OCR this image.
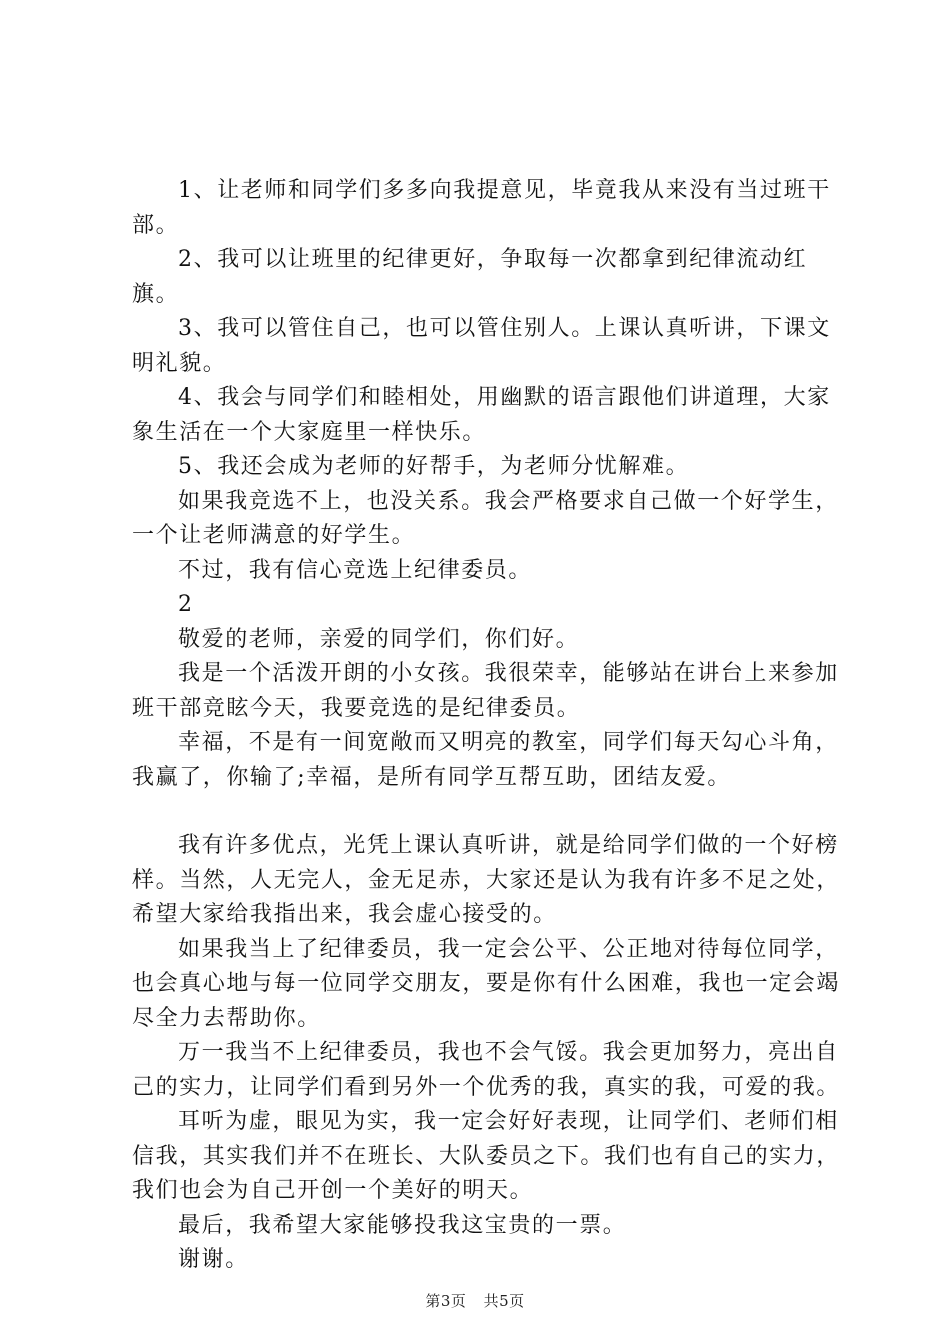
1、让老师和同学们多多向我提意见，毕竟我从来没有当过班干部。

2、我可以让班里的纪律更好，争取每一次都拿到纪律流动红旗。

3、我可以管住自己，也可以管住别人。上课认真听讲，下课文明礼貌。

4、我会与同学们和睦相处，用幽默的语言跟他们讲道理，大家象生活在一个大家庭里一样快乐。

5、我还会成为老师的好帮手，为老师分忧解难。

如果我竞选不上，也没关系。我会严格要求自己做一个好学生，一个让老师满意的好学生。

不过，我有信心竞选上纪律委员。

2

敬爱的老师，亲爱的同学们，你们好。

我是一个活泼开朗的小女孩。我很荣幸，能够站在讲台上来参加班干部竞眩今天，我要竞选的是纪律委员。

幸福，不是有一间宽敞而又明亮的教室，同学们每天勾心斗角，我赢了，你输了;幸福，是所有同学互帮互助，团结友爱。

我有许多优点，光凭上课认真听讲，就是给同学们做的一个好榜样。当然，人无完人，金无足赤，大家还是认为我有许多不足之处，希望大家给我指出来，我会虚心接受的。

如果我当上了纪律委员，我一定会公平、公正地对待每位同学，也会真心地与每一位同学交朋友，要是你有什么困难，我也一定会竭尽全力去帮助你。

万一我当不上纪律委员，我也不会气馁。我会更加努力，亮出自己的实力，让同学们看到另外一个优秀的我，真实的我，可爱的我。

耳听为虚，眼见为实，我一定会好好表现，让同学们、老师们相信我，其实我们并不在班长、大队委员之下。我们也有自己的实力，我们也会为自己开创一个美好的明天。

最后，我希望大家能够投我这宝贵的一票。

谢谢。

第3页 共5页
